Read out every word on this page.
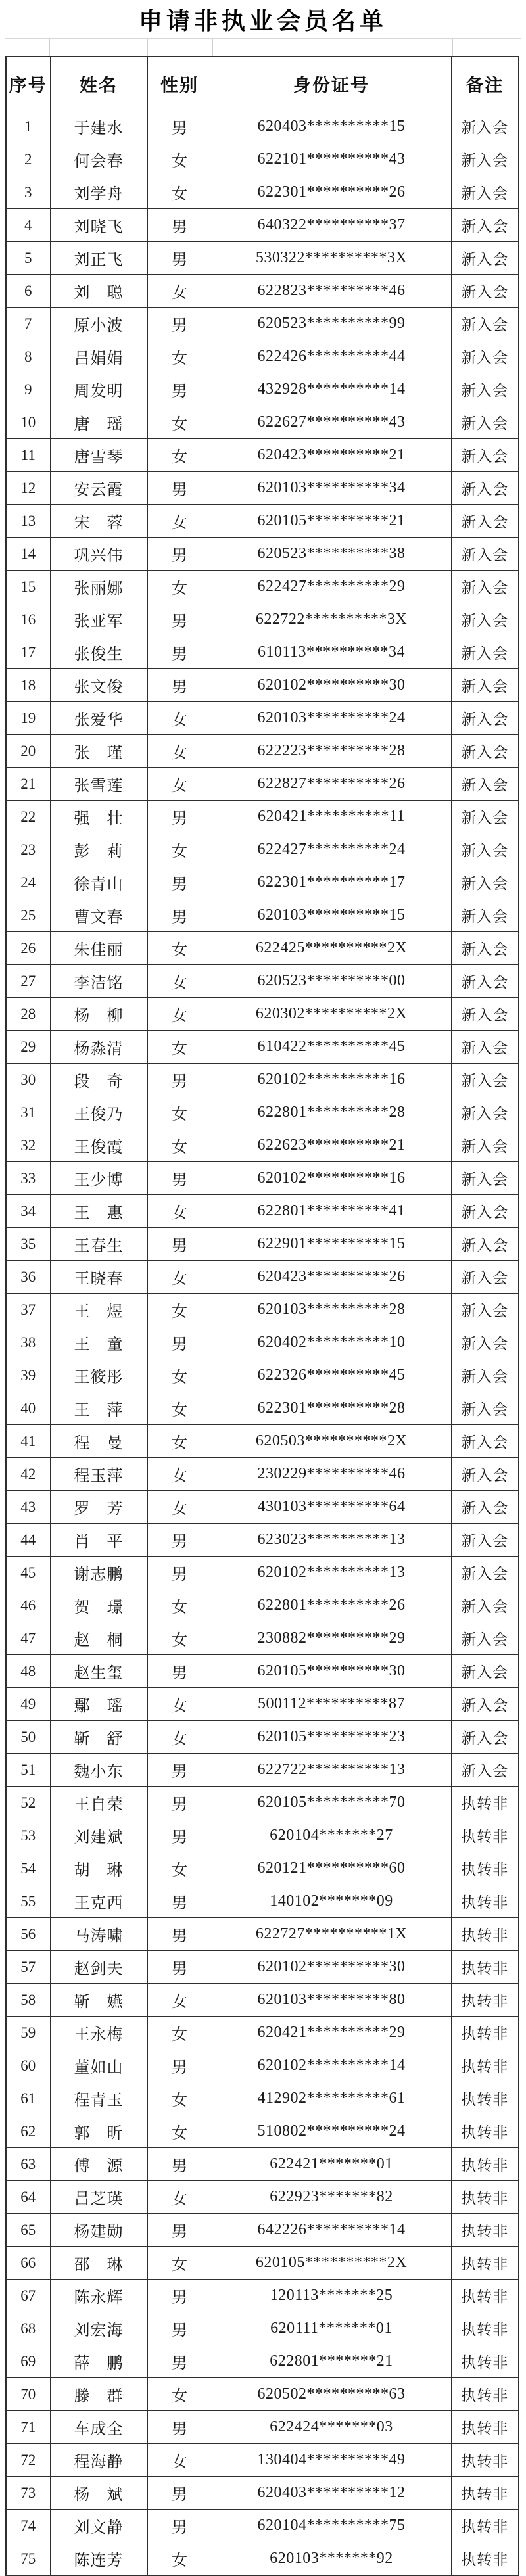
申请非执业会员名单
序号	姓名	性别	身份证号	备注
1	于建水	男	620403**********15	新入会
2	何会春	女	622101**********43	新入会
3	刘学舟	女	622301**********26	新入会
4	刘晓飞	男	640322**********37	新入会
5	刘正飞	男	530322**********3X	新入会
6	刘　聪	女	622823**********46	新入会
7	原小波	男	620523**********99	新入会
8	吕娟娟	女	622426**********44	新入会
9	周发明	男	432928**********14	新入会
10	唐　瑶	女	622627**********43	新入会
11	唐雪琴	女	620423**********21	新入会
12	安云霞	男	620103**********34	新入会
13	宋　蓉	女	620105**********21	新入会
14	巩兴伟	男	620523**********38	新入会
15	张丽娜	女	622427**********29	新入会
16	张亚军	男	622722**********3X	新入会
17	张俊生	男	610113**********34	新入会
18	张文俊	男	620102**********30	新入会
19	张爱华	女	620103**********24	新入会
20	张　瑾	女	622223**********28	新入会
21	张雪莲	女	622827**********26	新入会
22	强　壮	男	620421**********11	新入会
23	彭　莉	女	622427**********24	新入会
24	徐青山	男	622301**********17	新入会
25	曹文春	男	620103**********15	新入会
26	朱佳丽	女	622425**********2X	新入会
27	李洁铭	女	620523**********00	新入会
28	杨　柳	女	620302**********2X	新入会
29	杨淼清	女	610422**********45	新入会
30	段　奇	男	620102**********16	新入会
31	王俊乃	女	622801**********28	新入会
32	王俊霞	女	622623**********21	新入会
33	王少博	男	620102**********16	新入会
34	王　惠	女	622801**********41	新入会
35	王春生	男	622901**********15	新入会
36	王晓春	女	620423**********26	新入会
37	王　煜	女	620103**********28	新入会
38	王　童	男	620402**********10	新入会
39	王筱彤	女	622326**********45	新入会
40	王　萍	女	622301**********28	新入会
41	程　曼	女	620503**********2X	新入会
42	程玉萍	女	230229**********46	新入会
43	罗　芳	女	430103**********64	新入会
44	肖　平	男	623023**********13	新入会
45	谢志鹏	男	620102**********13	新入会
46	贺　璟	女	622801**********26	新入会
47	赵　桐	女	230882**********29	新入会
48	赵生玺	男	620105**********30	新入会
49	鄢　瑶	女	500112**********87	新入会
50	靳　舒	女	620105**********23	新入会
51	魏小东	男	622722**********13	新入会
52	王自荣	男	620105**********70	执转非
53	刘建斌	男	620104*******27	执转非
54	胡　琳	女	620121**********60	执转非
55	王克西	男	140102*******09	执转非
56	马涛啸	男	622727**********1X	执转非
57	赵剑夫	男	620102**********30	执转非
58	靳　嬿	女	620103**********80	执转非
59	王永梅	女	620421**********29	执转非
60	董如山	男	620102**********14	执转非
61	程青玉	女	412902**********61	执转非
62	郭　昕	女	510802**********24	执转非
63	傅　源	男	622421*******01	执转非
64	吕芝瑛	女	622923*******82	执转非
65	杨建勋	男	642226**********14	执转非
66	邵　琳	女	620105**********2X	执转非
67	陈永辉	男	120113*******25	执转非
68	刘宏海	男	620111*******01	执转非
69	薛　鹏	男	622801*******21	执转非
70	滕　群	女	620502**********63	执转非
71	车成全	男	622424*******03	执转非
72	程海静	女	130404**********49	执转非
73	杨　斌	男	620403**********12	执转非
74	刘文静	男	620104**********75	执转非
75	陈连芳	女	620103*******92	执转非
